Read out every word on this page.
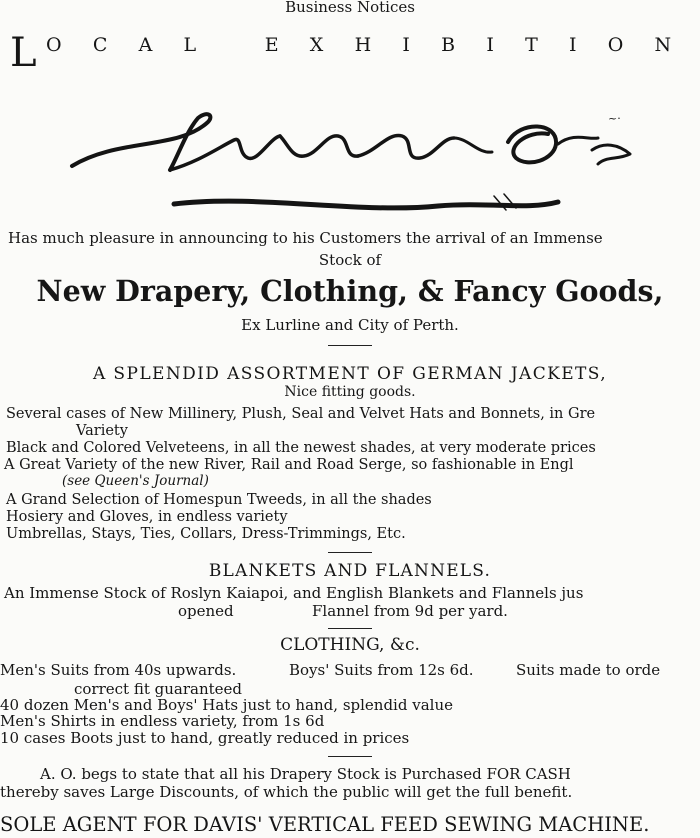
Business Notices
L O C A L   E X H I B I T I O N
~·
Has much pleasure in announcing to his Customers the arrival of an Immense
Stock of
New Drapery, Clothing, & Fancy Goods,
Ex Lurline and City of Perth.
A SPLENDID ASSORTMENT OF GERMAN JACKETS,
Nice fitting goods.
Several cases of New Millinery, Plush, Seal and Velvet Hats and Bonnets, in Gre
Variety
Black and Colored Velveteens, in all the newest shades, at very moderate prices
A Great Variety of the new River, Rail and Road Serge, so fashionable in Engl
(see Queen's Journal)
A Grand Selection of Homespun Tweeds, in all the shades
Hosiery and Gloves, in endless variety
Umbrellas, Stays, Ties, Collars, Dress-Trimmings, Etc.
BLANKETS AND FLANNELS.
An Immense Stock of Roslyn Kaiapoi, and English Blankets and Flannels jus
opened	Flannel from 9d per yard.
CLOTHING, &c.
Men's Suits from 40s upwards.	Boys' Suits from 12s 6d.	Suits made to orde
correct fit guaranteed
40 dozen Men's and Boys' Hats just to hand, splendid value
Men's Shirts in endless variety, from 1s 6d
10 cases Boots just to hand, greatly reduced in prices
A. O. begs to state that all his Drapery Stock is Purchased FOR CASH
thereby saves Large Discounts, of which the public will get the full benefit.
SOLE AGENT FOR DAVIS' VERTICAL FEED SEWING MACHINE.
